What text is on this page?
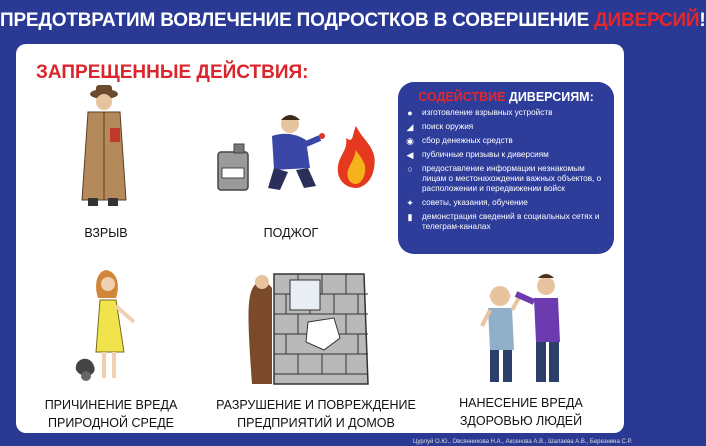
ПРЕДОТВРАТИМ ВОВЛЕЧЕНИЕ ПОДРОСТКОВ В СОВЕРШЕНИЕ ДИВЕРСИЙ!
ЗАПРЕЩЕННЫЕ ДЕЙСТВИЯ:
ВЗРЫВ	ПОДЖОГ
СОДЕЙСТВИЕ ДИВЕРСИЯМ:
●	изготовление взрывных устройств
◢	поиск оружия
◉ сбор денежных средств
◀	публичные призывы к диверсиям
○	предоставление информации незнакомым лицам о местонахождении важных объектов, о расположении и передвижении войск
✦ советы, указания, обучение
▮	демонстрация сведений в социальных сетях и телеграм-каналах
ПРИЧИНЕНИЕ ВРЕДА
ПРИРОДНОЙ СРЕДЕ
РАЗРУШЕНИЕ И ПОВРЕЖДЕНИЕ
ПРЕДПРИЯТИЙ И ДОМОВ
НАНЕСЕНИЕ ВРЕДА
ЗДОРОВЬЮ ЛЮДЕЙ
Цурлуй О.Ю., Овсянникова Н.А., Аксенова А.В., Шалаева А.В., Березнина С.Р.
